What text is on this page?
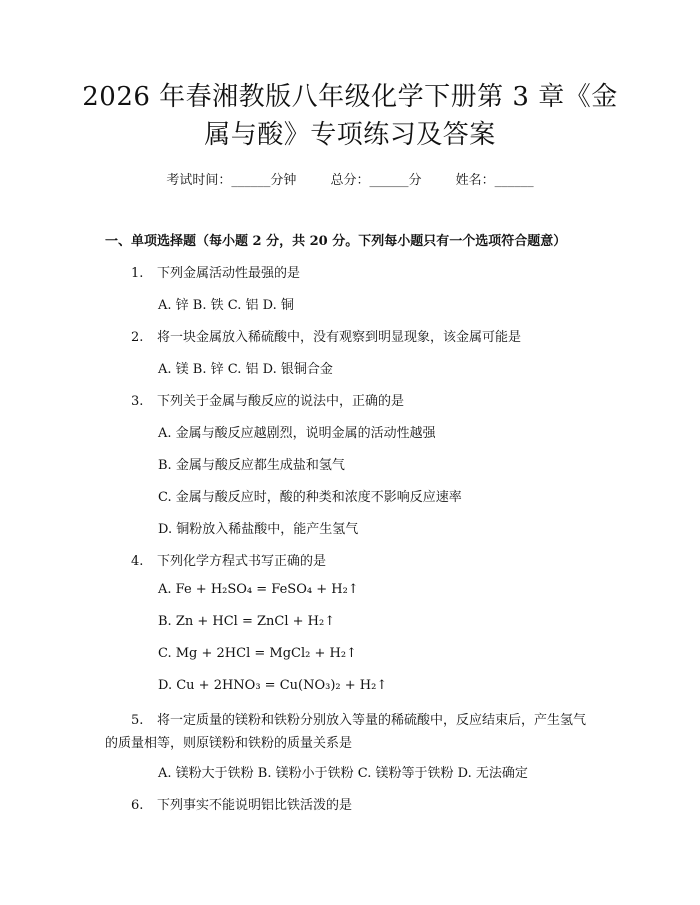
2026 年春湘教版八年级化学下册第 3 章《金
属与酸》专项练习及答案
考试时间：______分钟	总分：______分	姓名：______
一、单项选择题（每小题 2 分，共 20 分。下列每小题只有一个选项符合题意）
1. 下列金属活动性最强的是
A. 锌 B. 铁 C. 铝 D. 铜
2. 将一块金属放入稀硫酸中，没有观察到明显现象，该金属可能是
A. 镁 B. 锌 C. 铝 D. 银铜合金
3. 下列关于金属与酸反应的说法中，正确的是
A. 金属与酸反应越剧烈，说明金属的活动性越强
B. 金属与酸反应都生成盐和氢气
C. 金属与酸反应时，酸的种类和浓度不影响反应速率
D. 铜粉放入稀盐酸中，能产生氢气
4. 下列化学方程式书写正确的是
A. Fe + H₂SO₄ = FeSO₄ + H₂↑
B. Zn + HCl = ZnCl + H₂↑
C. Mg + 2HCl = MgCl₂ + H₂↑
D. Cu + 2HNO₃ = Cu(NO₃)₂ + H₂↑
5. 将一定质量的镁粉和铁粉分别放入等量的稀硫酸中，反应结束后，产生氢气的质量相等，则原镁粉和铁粉的质量关系是
A. 镁粉大于铁粉 B. 镁粉小于铁粉 C. 镁粉等于铁粉 D. 无法确定
6. 下列事实不能说明铝比铁活泼的是
